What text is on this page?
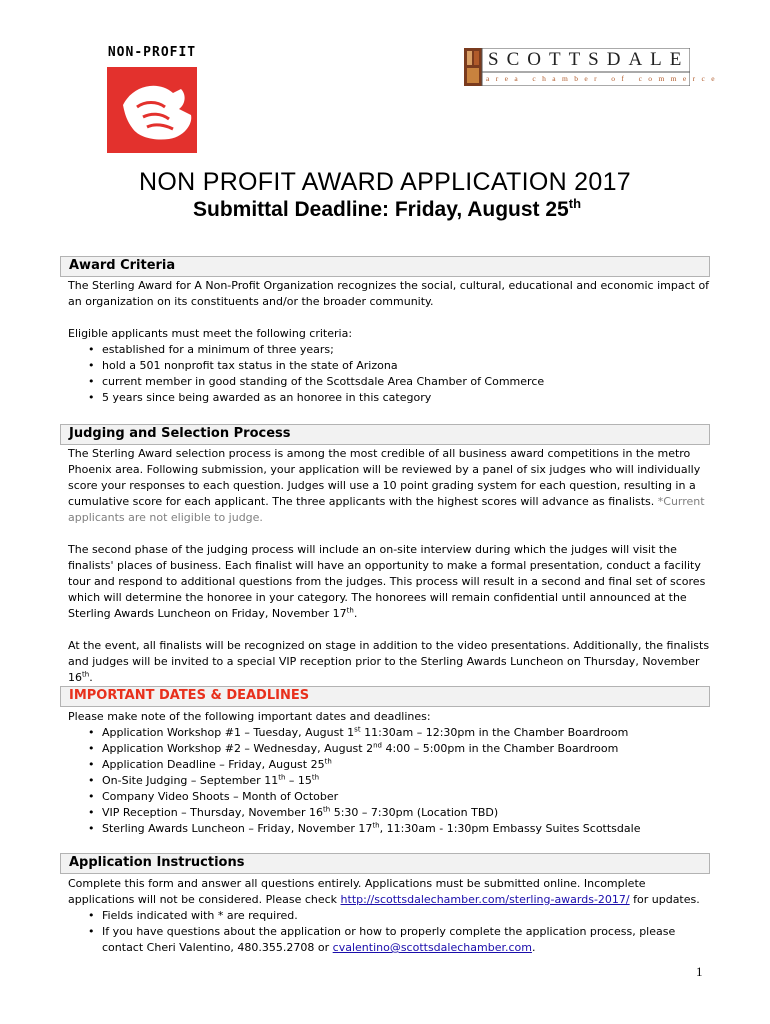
NON-PROFIT	SCOTTSDALE
area chamber of commerce
NON PROFIT AWARD APPLICATION 2017
Submittal Deadline: Friday, August 25th
Award Criteria

The Sterling Award for A Non-Profit Organization recognizes the social, cultural, educational and economic impact of an organization on its constituents and/or the broader community.

Eligible applicants must meet the following criteria:

• established for a minimum of three years;
• hold a 501 nonprofit tax status in the state of Arizona
• current member in good standing of the Scottsdale Area Chamber of Commerce
• 5 years since being awarded as an honoree in this category
Judging and Selection Process

The Sterling Award selection process is among the most credible of all business award competitions in the metro Phoenix area. Following submission, your application will be reviewed by a panel of six judges who will individually score your responses to each question. Judges will use a 10 point grading system for each question, resulting in a cumulative score for each applicant. The three applicants with the highest scores will advance as finalists. *Current applicants are not eligible to judge.

The second phase of the judging process will include an on-site interview during which the judges will visit the finalists' places of business. Each finalist will have an opportunity to make a formal presentation, conduct a facility tour and respond to additional questions from the judges. This process will result in a second and final set of scores which will determine the honoree in your category. The honorees will remain confidential until announced at the Sterling Awards Luncheon on Friday, November 17th.

At the event, all finalists will be recognized on stage in addition to the video presentations. Additionally, the finalists and judges will be invited to a special VIP reception prior to the Sterling Awards Luncheon on Thursday, November 16th.

IMPORTANT DATES & DEADLINES

Please make note of the following important dates and deadlines:

• Application Workshop #1 – Tuesday, August 1st 11:30am – 12:30pm in the Chamber Boardroom
• Application Workshop #2 – Wednesday, August 2nd 4:00 – 5:00pm in the Chamber Boardroom
• Application Deadline – Friday, August 25th
• On-Site Judging – September 11th – 15th
• Company Video Shoots – Month of October
• VIP Reception – Thursday, November 16th 5:30 – 7:30pm (Location TBD)
• Sterling Awards Luncheon – Friday, November 17th, 11:30am - 1:30pm Embassy Suites Scottsdale
Application Instructions

Complete this form and answer all questions entirely. Applications must be submitted online. Incomplete applications will not be considered. Please check http://scottsdalechamber.com/sterling-awards-2017/ for updates.

• Fields indicated with * are required.
• If you have questions about the application or how to properly complete the application process, please contact Cheri Valentino, 480.355.2708 or cvalentino@scottsdalechamber.com.
1
